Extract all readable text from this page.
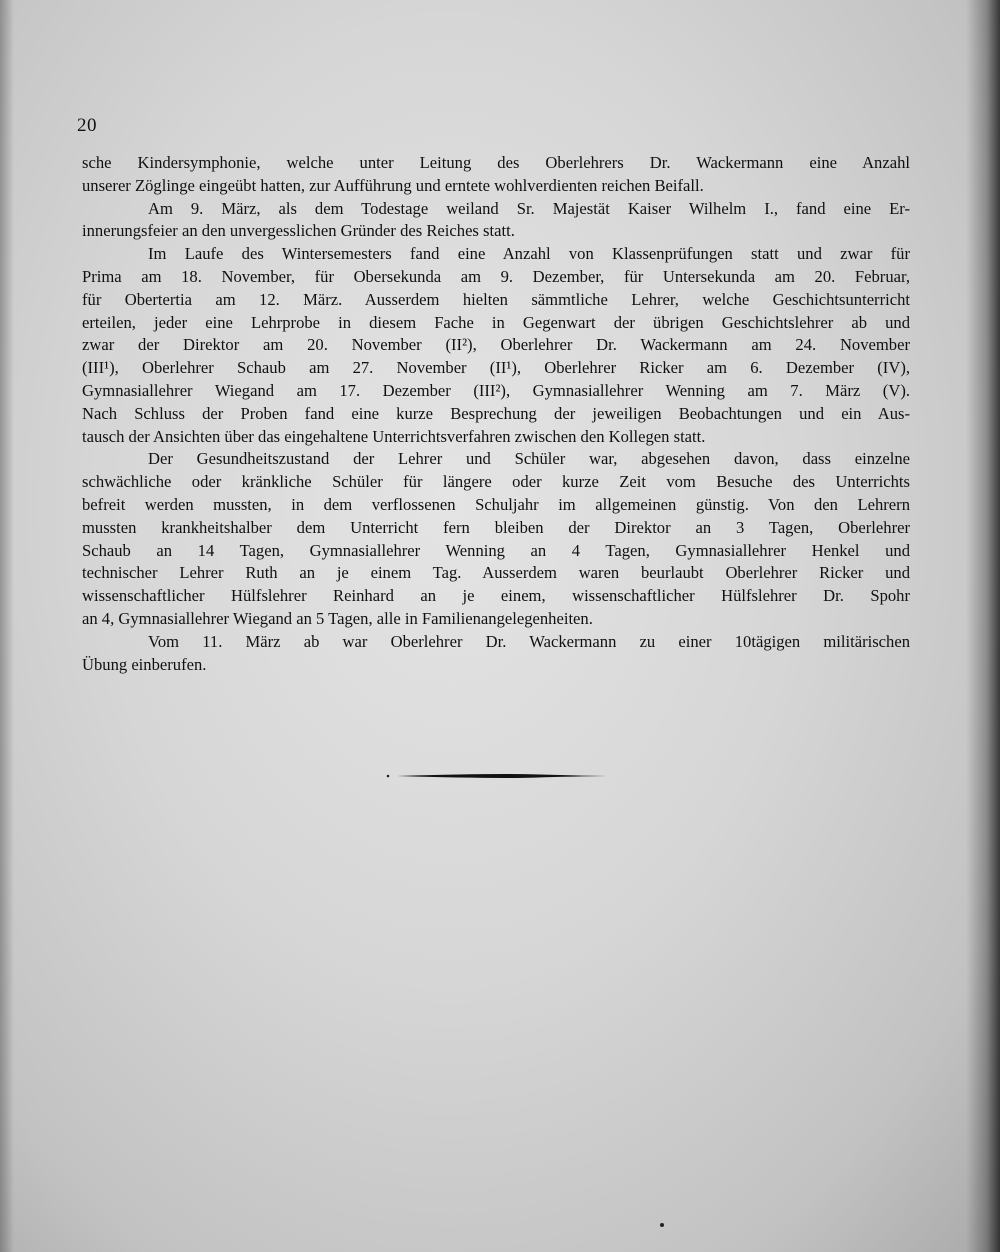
20
sche Kindersymphonie, welche unter Leitung des Oberlehrers Dr. Wackermann eine Anzahl
unserer Zöglinge eingeübt hatten, zur Aufführung und erntete wohlverdienten reichen Beifall.
Am 9. März, als dem Todestage weiland Sr. Majestät Kaiser Wilhelm I., fand eine Er-
innerungsfeier an den unvergesslichen Gründer des Reiches statt.
Im Laufe des Wintersemesters fand eine Anzahl von Klassenprüfungen statt und zwar für
Prima am 18. November, für Obersekunda am 9. Dezember, für Untersekunda am 20. Februar,
für Obertertia am 12. März. Ausserdem hielten sämmtliche Lehrer, welche Geschichtsunterricht
erteilen, jeder eine Lehrprobe in diesem Fache in Gegenwart der übrigen Geschichtslehrer ab und
zwar der Direktor am 20. November (II²), Oberlehrer Dr. Wackermann am 24. November
(III¹), Oberlehrer Schaub am 27. November (II¹), Oberlehrer Ricker am 6. Dezember (IV),
Gymnasiallehrer Wiegand am 17. Dezember (III²), Gymnasiallehrer Wenning am 7. März (V).
Nach Schluss der Proben fand eine kurze Besprechung der jeweiligen Beobachtungen und ein Aus-
tausch der Ansichten über das eingehaltene Unterrichtsverfahren zwischen den Kollegen statt.
Der Gesundheitszustand der Lehrer und Schüler war, abgesehen davon, dass einzelne
schwächliche oder kränkliche Schüler für längere oder kurze Zeit vom Besuche des Unterrichts
befreit werden mussten, in dem verflossenen Schuljahr im allgemeinen günstig. Von den Lehrern
mussten krankheitshalber dem Unterricht fern bleiben der Direktor an 3 Tagen, Oberlehrer
Schaub an 14 Tagen, Gymnasiallehrer Wenning an 4 Tagen, Gymnasiallehrer Henkel und
technischer Lehrer Ruth an je einem Tag. Ausserdem waren beurlaubt Oberlehrer Ricker und
wissenschaftlicher Hülfslehrer Reinhard an je einem, wissenschaftlicher Hülfslehrer Dr. Spohr
an 4, Gymnasiallehrer Wiegand an 5 Tagen, alle in Familienangelegenheiten.
Vom 11. März ab war Oberlehrer Dr. Wackermann zu einer 10tägigen militärischen
Übung einberufen.
